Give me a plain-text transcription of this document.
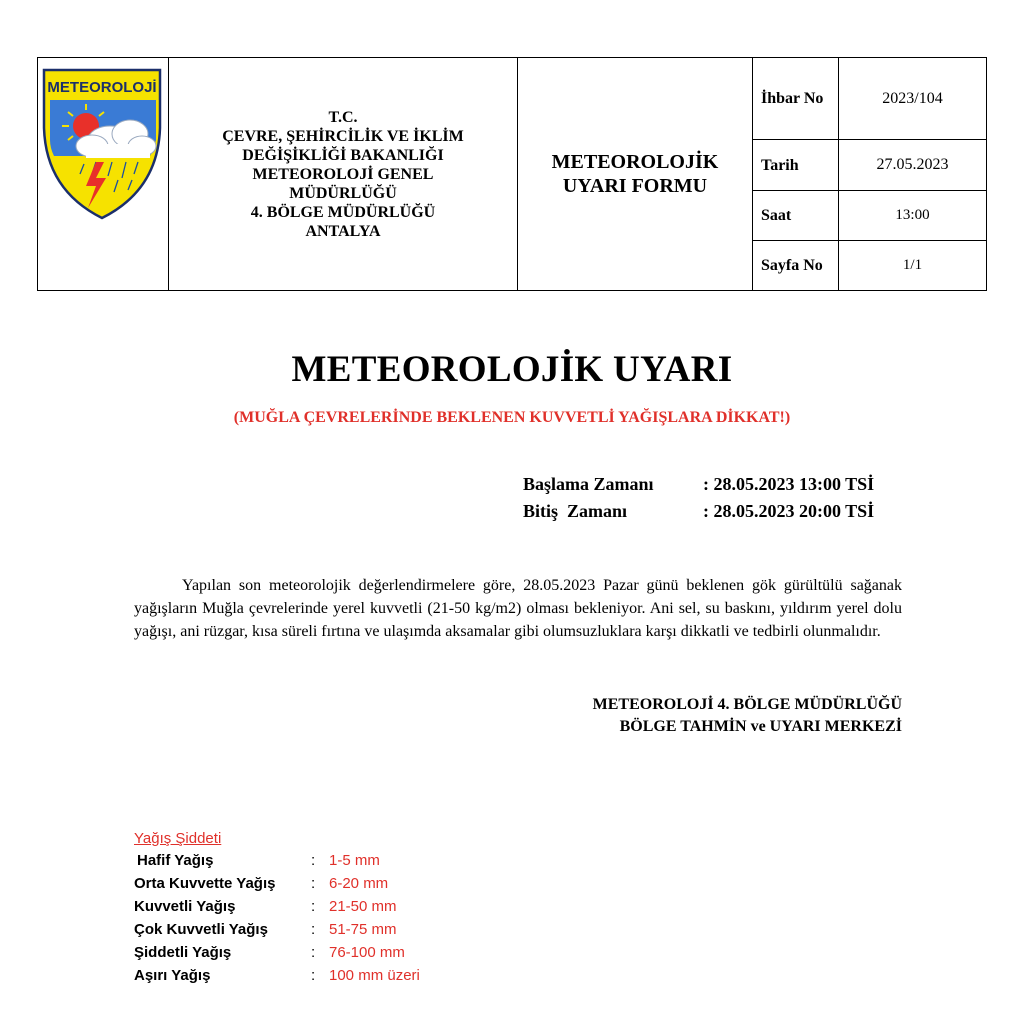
METEOROLOJİ
T.C.
ÇEVRE, ŞEHİRCİLİK VE İKLİM
DEĞİŞİKLİĞİ BAKANLIĞI
METEOROLOJİ GENEL
MÜDÜRLÜĞÜ
4. BÖLGE MÜDÜRLÜĞÜ
ANTALYA
METEOROLOJİK
UYARI FORMU
İhbar No	2023/104
Tarih	27.05.2023
Saat	13:00
Sayfa No	1/1
METEOROLOJİK UYARI
(MUĞLA ÇEVRELERİNDE BEKLENEN KUVVETLİ YAĞIŞLARA DİKKAT!)
Başlama Zamanı	: 28.05.2023 13:00 TSİ
Bitiş  Zamanı	: 28.05.2023 20:00 TSİ
Yapılan son meteorolojik değerlendirmelere göre, 28.05.2023 Pazar günü beklenen gök gürültülü sağanak yağışların Muğla çevrelerinde yerel kuvvetli (21-50 kg/m2) olması bekleniyor. Ani sel, su baskını, yıldırım yerel dolu yağışı, ani rüzgar, kısa süreli fırtına ve ulaşımda aksamalar gibi olumsuzluklara karşı dikkatli ve tedbirli olunmalıdır.
METEOROLOJİ 4. BÖLGE MÜDÜRLÜĞÜ
BÖLGE TAHMİN ve UYARI MERKEZİ
Yağış Şiddeti
Hafif Yağış	: 1-5 mm
Orta Kuvvette Yağış	: 6-20 mm
Kuvvetli Yağış	: 21-50 mm
Çok Kuvvetli Yağış	: 51-75 mm
Şiddetli Yağış	: 76-100 mm
Aşırı Yağış	: 100 mm üzeri
